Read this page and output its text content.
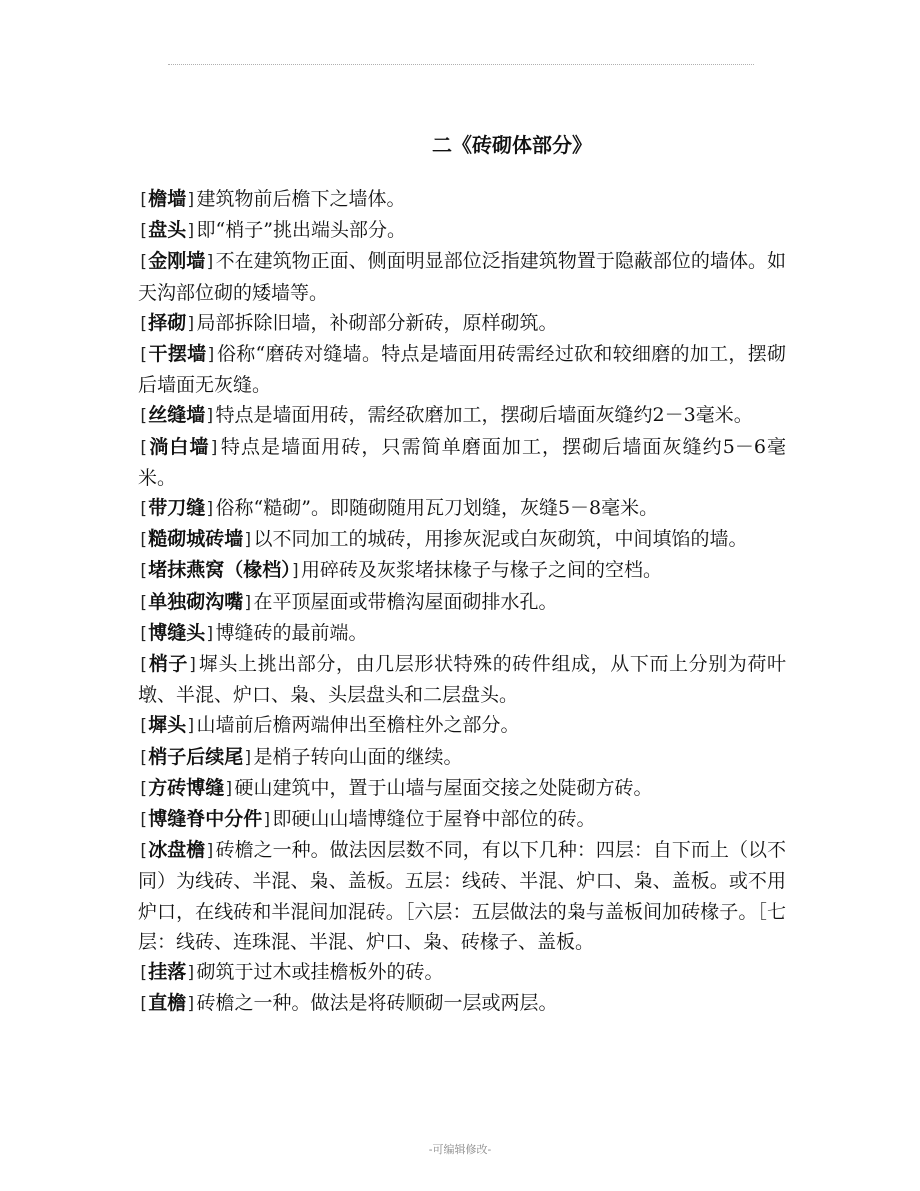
二《砖砌体部分》

[檐墙]建筑物前后檐下之墙体。

[盘头]即“梢子”挑出端头部分。

[金刚墙]不在建筑物正面、侧面明显部位泛指建筑物置于隐蔽部位的墙体。如天沟部位砌的矮墙等。

[择砌]局部拆除旧墙，补砌部分新砖，原样砌筑。

[干摆墙]俗称“磨砖对缝墙。特点是墙面用砖需经过砍和较细磨的加工，摆砌后墙面无灰缝。

[丝缝墙]特点是墙面用砖，需经砍磨加工，摆砌后墙面灰缝约2－3毫米。

[淌白墙]特点是墙面用砖，只需简单磨面加工，摆砌后墙面灰缝约5－6毫米。

[带刀缝]俗称“糙砌”。即随砌随用瓦刀划缝，灰缝5－8毫米。

[糙砌城砖墙]以不同加工的城砖，用掺灰泥或白灰砌筑，中间填馅的墙。

[堵抹燕窝（椽档）]用碎砖及灰浆堵抹椽子与椽子之间的空档。

[单独砌沟嘴]在平顶屋面或带檐沟屋面砌排水孔。

[博缝头]博缝砖的最前端。

[梢子]墀头上挑出部分，由几层形状特殊的砖件组成，从下而上分别为荷叶墩、半混、炉口、枭、头层盘头和二层盘头。

[墀头]山墙前后檐两端伸出至檐柱外之部分。

[梢子后续尾]是梢子转向山面的继续。

[方砖博缝]硬山建筑中，置于山墙与屋面交接之处陡砌方砖。

[博缝脊中分件]即硬山山墙博缝位于屋脊中部位的砖。

[冰盘檐]砖檐之一种。做法因层数不同，有以下几种：四层：自下而上（以不同）为线砖、半混、枭、盖板。五层：线砖、半混、炉口、枭、盖板。或不用炉口，在线砖和半混间加混砖。［六层：五层做法的枭与盖板间加砖椽子。［七层：线砖、连珠混、半混、炉口、枭、砖椽子、盖板。

[挂落]砌筑于过木或挂檐板外的砖。

[直檐]砖檐之一种。做法是将砖顺砌一层或两层。

-可编辑修改-
